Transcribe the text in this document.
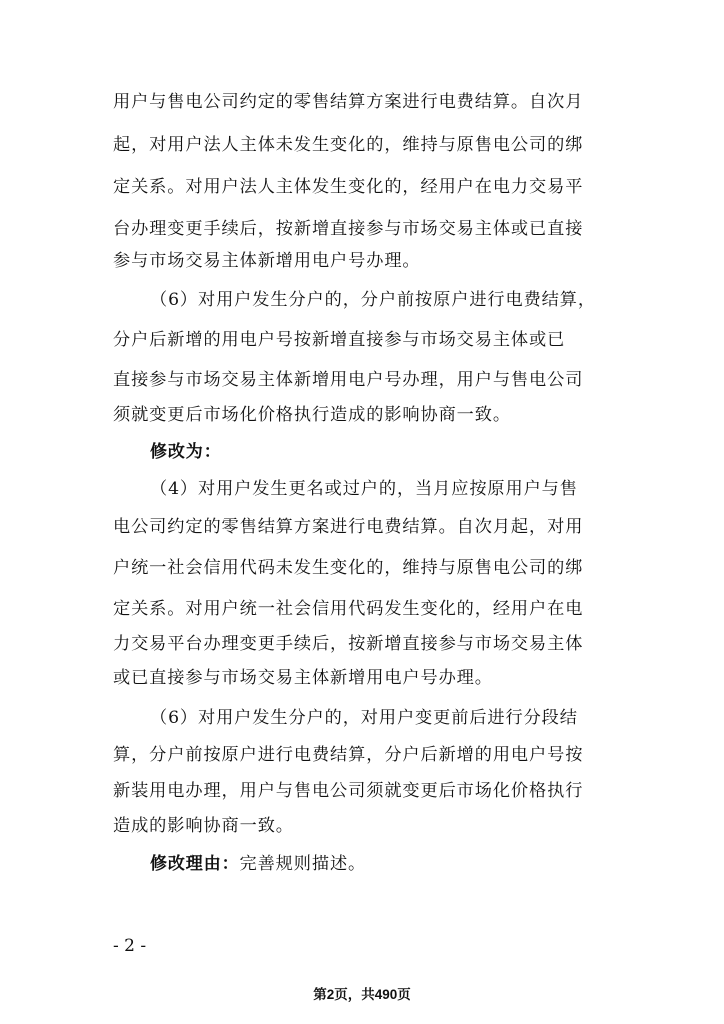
用户与售电公司约定的零售结算方案进行电费结算。自次月
起，对用户法人主体未发生变化的，维持与原售电公司的绑
定关系。对用户法人主体发生变化的，经用户在电力交易平
台办理变更手续后，按新增直接参与市场交易主体或已直接
参与市场交易主体新增用电户号办理。
（6）对用户发生分户的，分户前按原户进行电费结算，
分户后新增的用电户号按新增直接参与市场交易主体或已
直接参与市场交易主体新增用电户号办理，用户与售电公司
须就变更后市场化价格执行造成的影响协商一致。
修改为：
（4）对用户发生更名或过户的，当月应按原用户与售
电公司约定的零售结算方案进行电费结算。自次月起，对用
户统一社会信用代码未发生变化的，维持与原售电公司的绑
定关系。对用户统一社会信用代码发生变化的，经用户在电
力交易平台办理变更手续后，按新增直接参与市场交易主体
或已直接参与市场交易主体新增用电户号办理。
（6）对用户发生分户的，对用户变更前后进行分段结
算，分户前按原户进行电费结算，分户后新增的用电户号按
新装用电办理，用户与售电公司须就变更后市场化价格执行
造成的影响协商一致。
修改理由：完善规则描述。
- 2 -
第2页，共490页
